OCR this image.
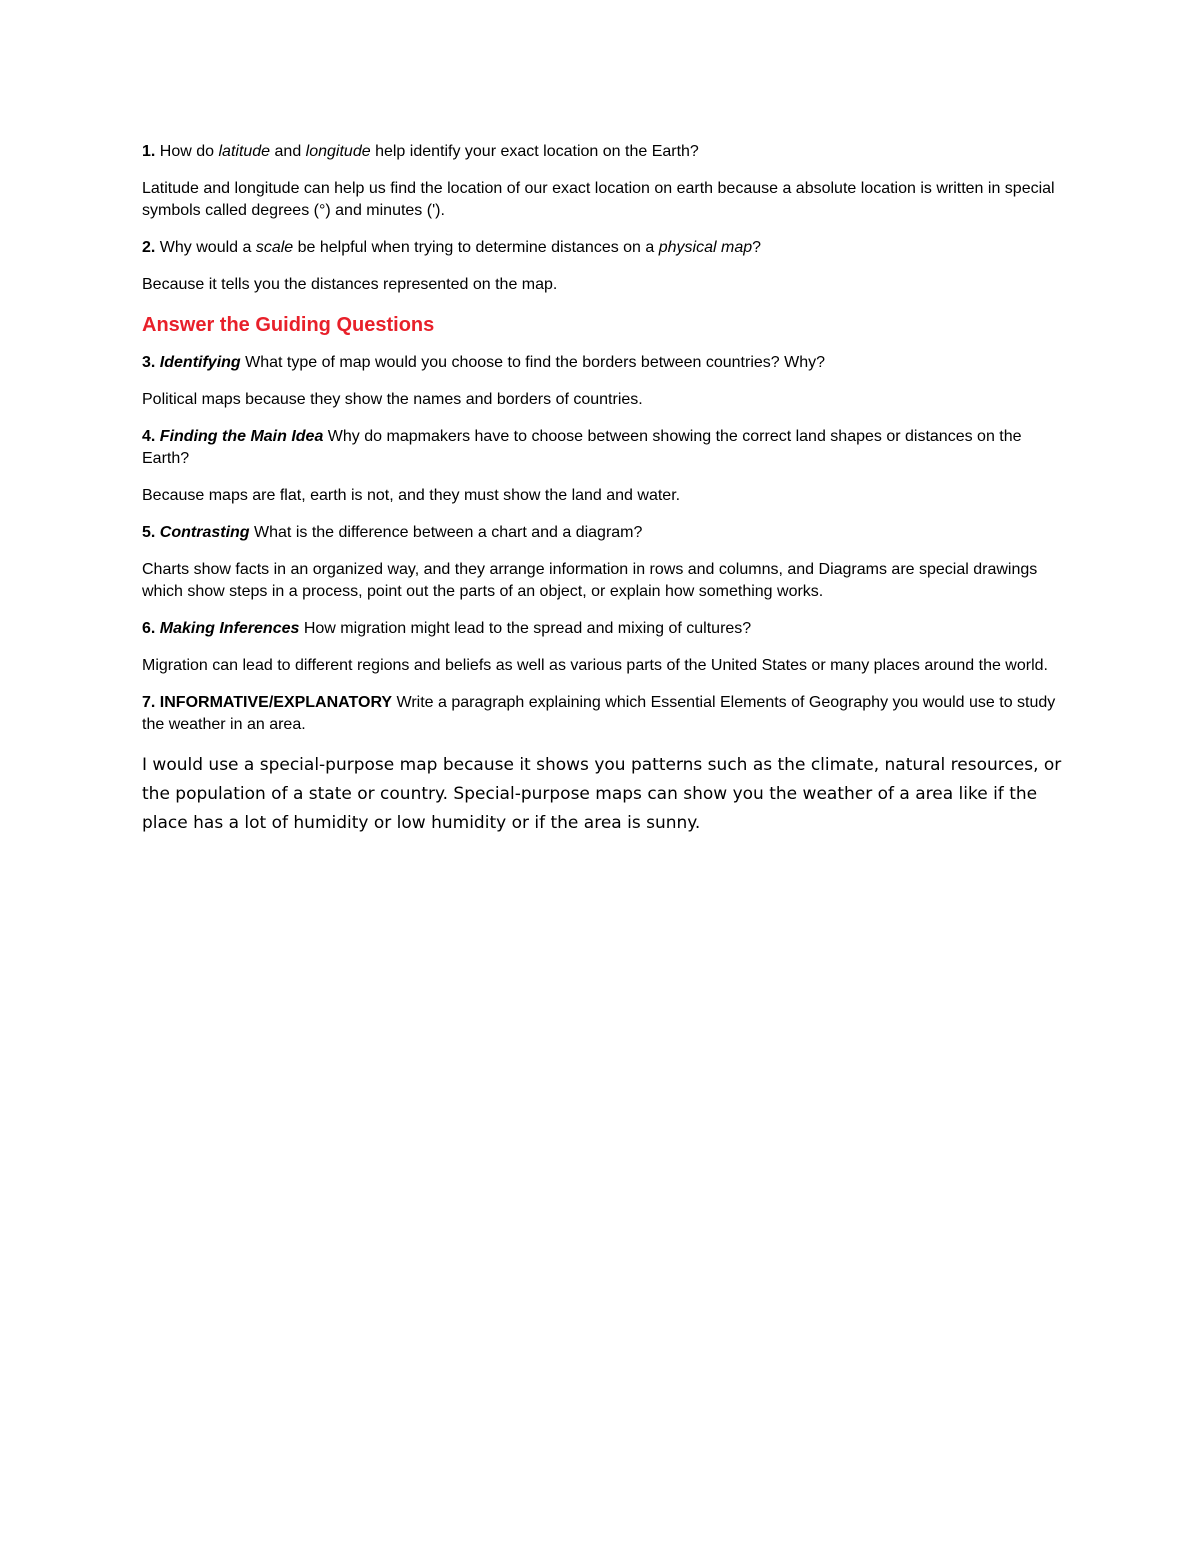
1. How do latitude and longitude help identify your exact location on the Earth?

Latitude and longitude can help us find the location of our exact location on earth because a absolute location is written in special symbols called degrees (°) and minutes (').

2. Why would a scale be helpful when trying to determine distances on a physical map?

Because it tells you the distances represented on the map.

Answer the Guiding Questions

3. Identifying What type of map would you choose to find the borders between countries? Why?

Political maps because they show the names and borders of countries.

4. Finding the Main Idea Why do mapmakers have to choose between showing the correct land shapes or distances on the Earth?

Because maps are flat, earth is not, and they must show the land and water.

5. Contrasting What is the difference between a chart and a diagram?

Charts show facts in an organized way, and they arrange information in rows and columns, and Diagrams are special drawings which show steps in a process, point out the parts of an object, or explain how something works.

6. Making Inferences How migration might lead to the spread and mixing of cultures?

Migration can lead to different regions and beliefs as well as various parts of the United States or many places around the world.

7. INFORMATIVE/EXPLANATORY Write a paragraph explaining which Essential Elements of Geography you would use to study the weather in an area.

I would use a special-purpose map because it shows you patterns such as the climate, natural resources, or the population of a state or country. Special-purpose maps can show you the weather of a area like if the place has a lot of humidity or low humidity or if the area is sunny.
